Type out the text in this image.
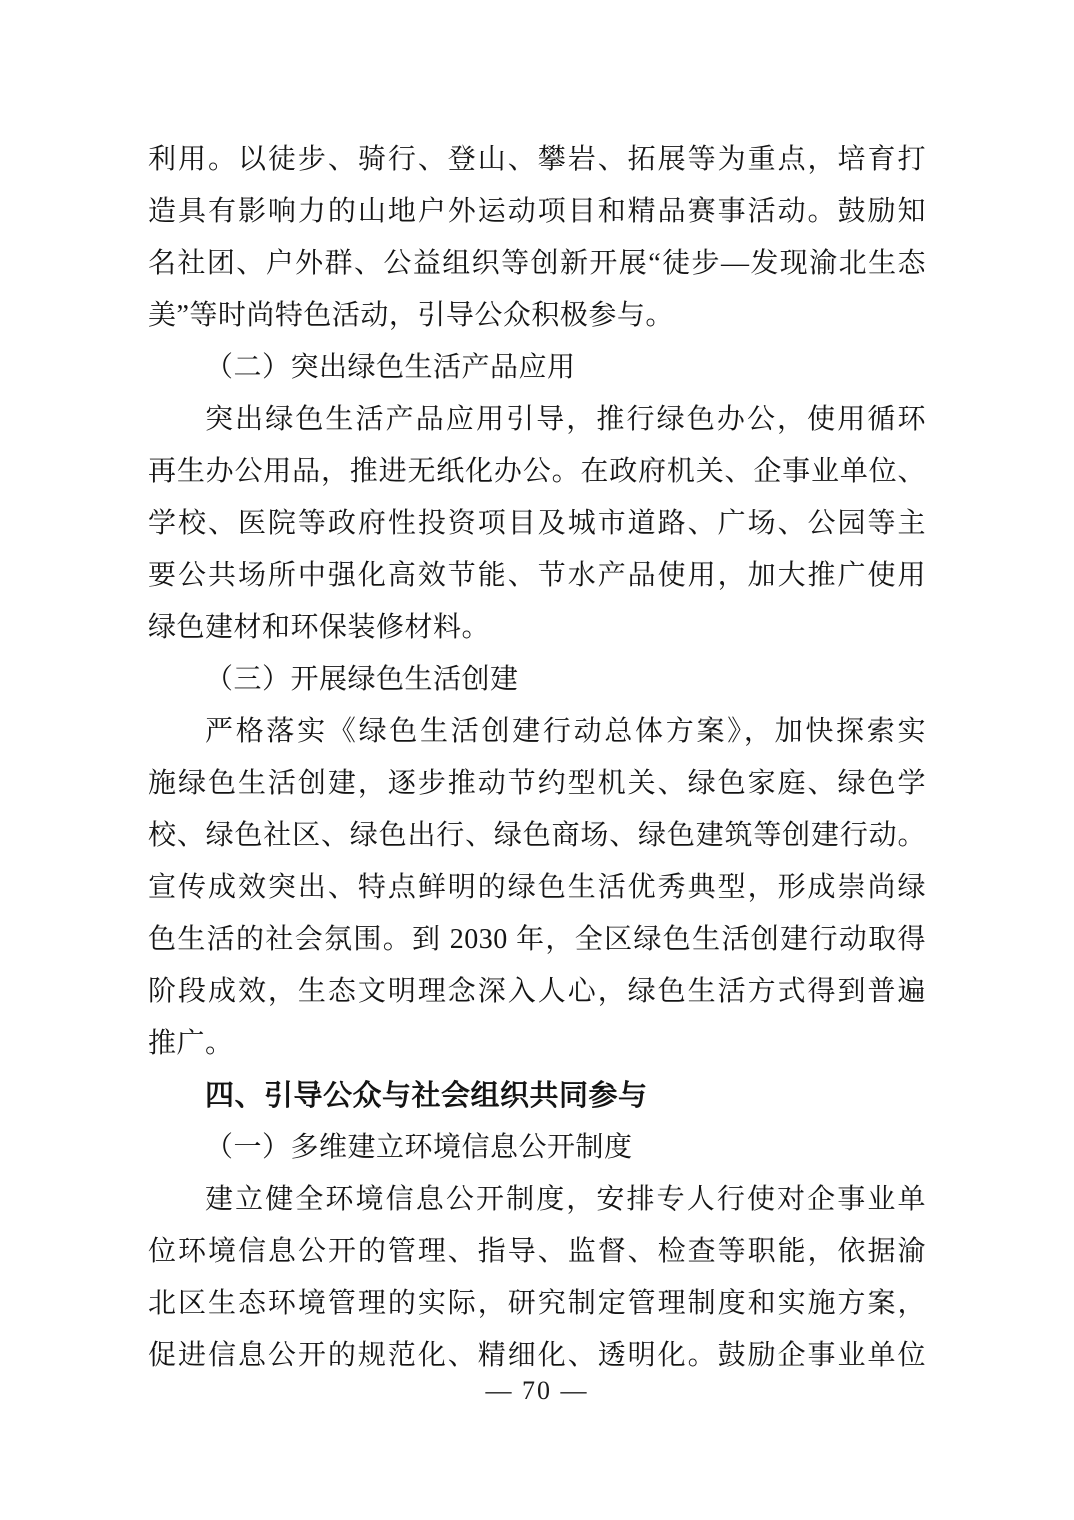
利用。以徒步、骑行、登山、攀岩、拓展等为重点，培育打
造具有影响力的山地户外运动项目和精品赛事活动。鼓励知
名社团、户外群、公益组织等创新开展“徒步—发现渝北生态
美”等时尚特色活动，引导公众积极参与。
（二）突出绿色生活产品应用
突出绿色生活产品应用引导，推行绿色办公，使用循环
再生办公用品，推进无纸化办公。在政府机关、企事业单位、
学校、医院等政府性投资项目及城市道路、广场、公园等主
要公共场所中强化高效节能、节水产品使用，加大推广使用
绿色建材和环保装修材料。
（三）开展绿色生活创建
严格落实《绿色生活创建行动总体方案》，加快探索实
施绿色生活创建，逐步推动节约型机关、绿色家庭、绿色学
校、绿色社区、绿色出行、绿色商场、绿色建筑等创建行动。
宣传成效突出、特点鲜明的绿色生活优秀典型，形成崇尚绿
色生活的社会氛围。到 2030 年，全区绿色生活创建行动取得
阶段成效，生态文明理念深入人心，绿色生活方式得到普遍
推广。
四、引导公众与社会组织共同参与
（一）多维建立环境信息公开制度
建立健全环境信息公开制度，安排专人行使对企事业单
位环境信息公开的管理、指导、监督、检查等职能，依据渝
北区生态环境管理的实际，研究制定管理制度和实施方案，
促进信息公开的规范化、精细化、透明化。鼓励企事业单位
— 70 —
